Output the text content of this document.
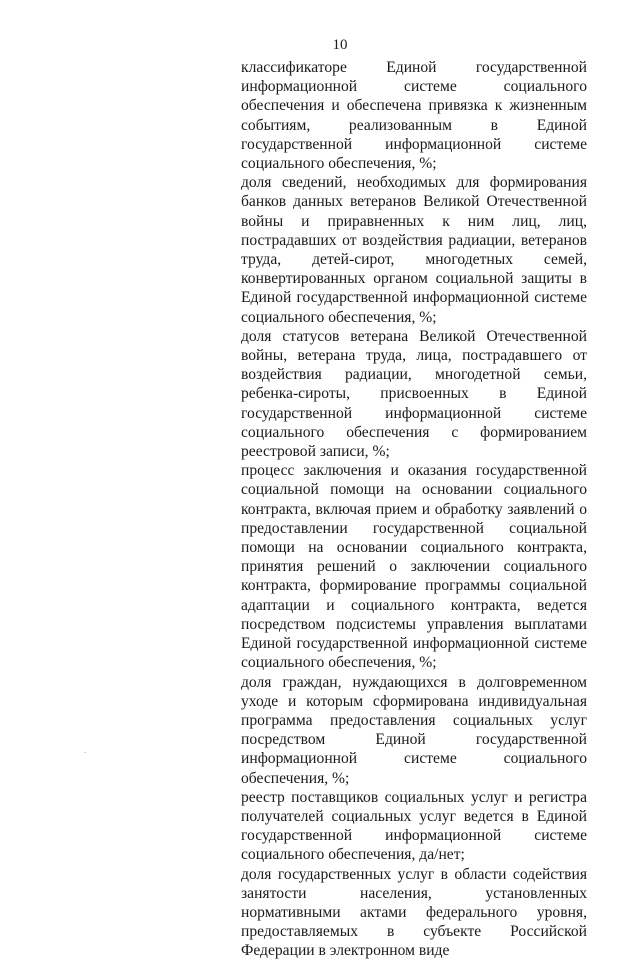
10

классификаторе Единой государственной информационной системе социального обеспечения и обеспечена привязка к жизненным событиям, реализованным в Единой государственной информационной системе социального обеспечения, %;

доля сведений, необходимых для формирования банков данных ветеранов Великой Отечественной войны и приравненных к ним лиц, лиц, пострадавших от воздействия радиации, ветеранов труда, детей-сирот, многодетных семей, конвертированных органом социальной защиты в Единой государственной информационной системе социального обеспечения, %;

доля статусов ветерана Великой Отечественной войны, ветерана труда, лица, пострадавшего от воздействия радиации, многодетной семьи, ребенка-сироты, присвоенных в Единой государственной информационной системе социального обеспечения с формированием реестровой записи, %;

процесс заключения и оказания государственной социальной помощи на основании социального контракта, включая прием и обработку заявлений о предоставлении государственной социальной помощи на основании социального контракта, принятия решений о заключении социального контракта, формирование программы социальной адаптации и социального контракта, ведется посредством подсистемы управления выплатами Единой государственной информационной системе социального обеспечения, %;

доля граждан, нуждающихся в долговременном уходе и которым сформирована индивидуальная программа предоставления социальных услуг посредством Единой государственной информационной системе социального обеспечения, %;

реестр поставщиков социальных услуг и регистра получателей социальных услуг ведется в Единой государственной информационной системе социального обеспечения, да/нет;

доля государственных услуг в области содействия занятости населения, установленных нормативными актами федерального уровня, предоставляемых в субъекте Российской Федерации в электронном виде

.
